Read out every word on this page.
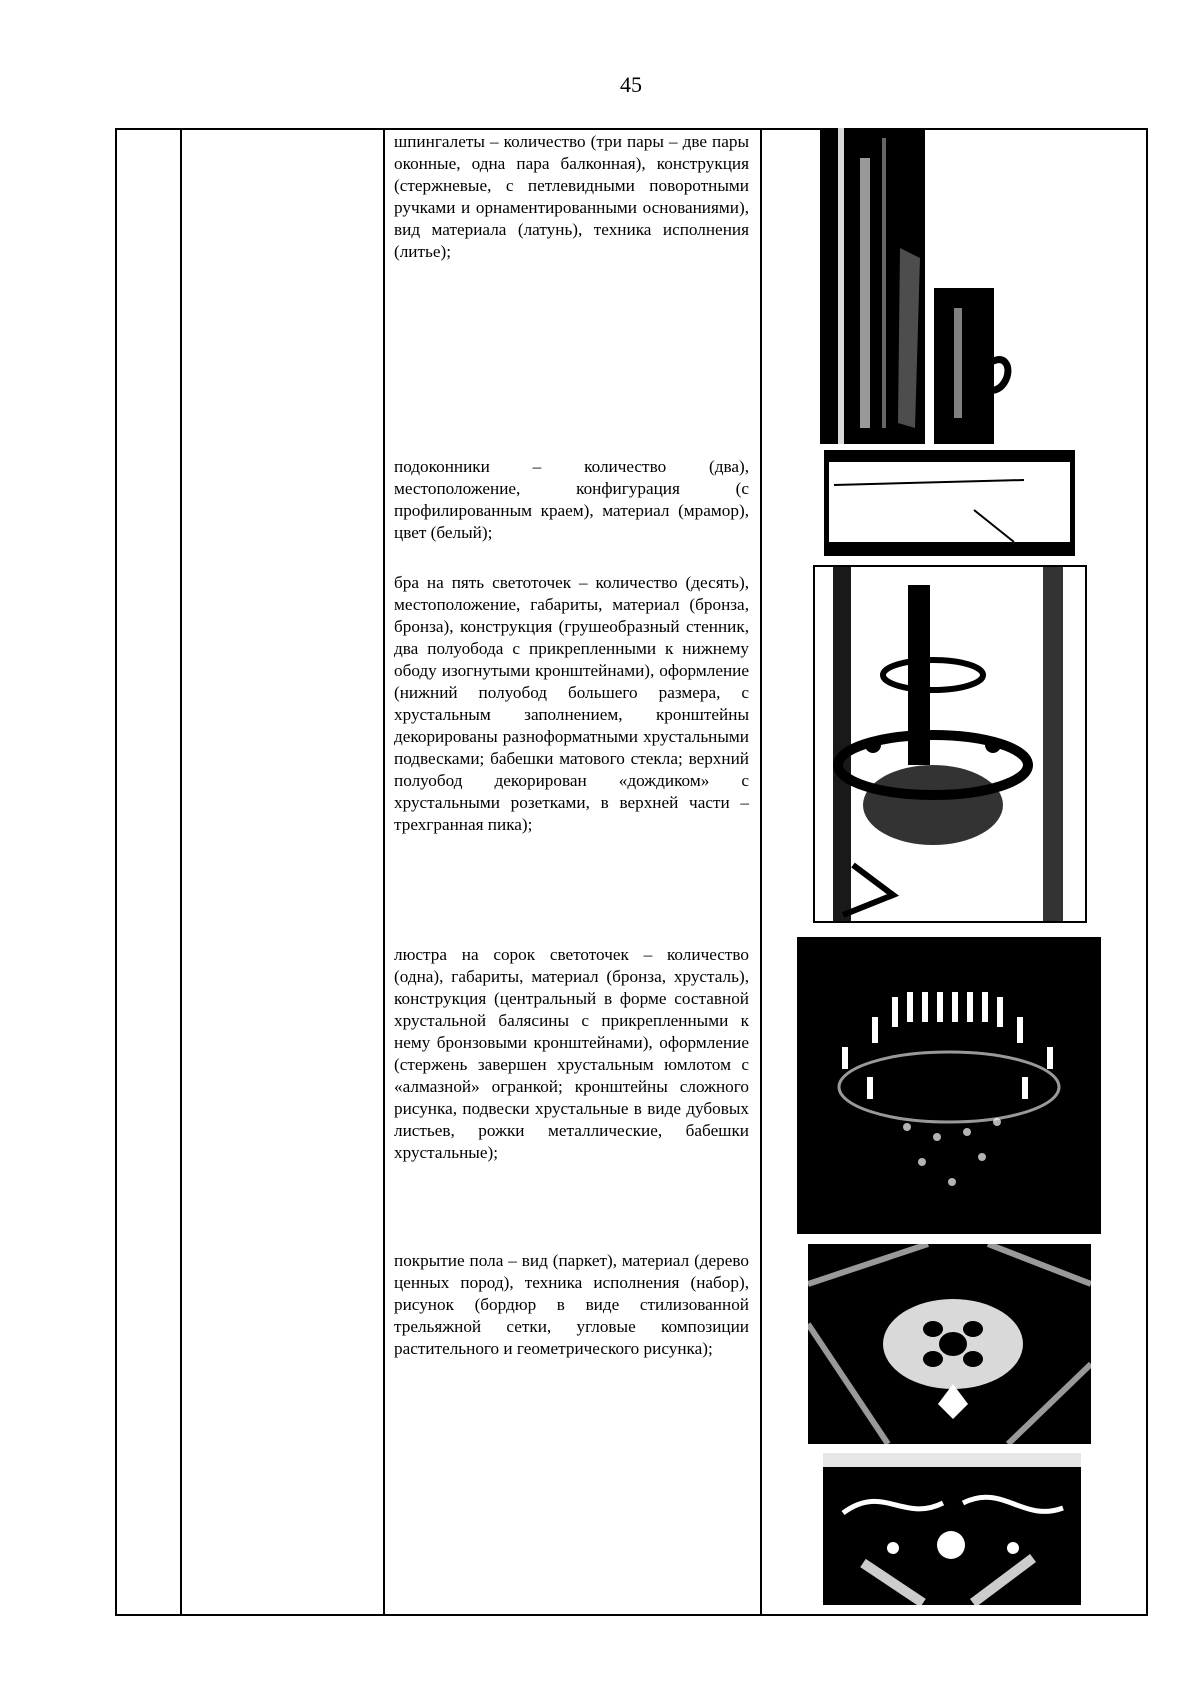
45
шпингалеты – количество (три пары – две пары оконные, одна пара балконная), конструкция (стержневые, с петлевидными поворотными ручками и орнаментированными основаниями), вид материала (латунь), техника исполнения (литье);
подоконники – количество (два), местоположение, конфигурация (с профилированным краем), материал (мрамор), цвет (белый);
бра на пять светоточек – количество (десять), местоположение, габариты, материал (бронза, бронза), конструкция (грушеобразный стенник, два полуобода с прикрепленными к нижнему ободу изогнутыми кронштейнами), оформление (нижний полуобод большего размера, с хрустальным заполнением, кронштейны декорированы разноформатными хрустальными подвесками; бабешки матового стекла; верхний полуобод декорирован «дождиком» с хрустальными розетками, в верхней части – трехгранная пика);
люстра на сорок светоточек – количество (одна), габариты, материал (бронза, хрусталь), конструкция (центральный в форме составной хрустальной балясины с прикрепленными к нему бронзовыми кронштейнами), оформление (стержень завершен хрустальным юмлотом с «алмазной» огранкой; кронштейны сложного рисунка, подвески хрустальные в виде дубовых листьев, рожки металлические, бабешки хрустальные);
покрытие пола – вид (паркет), материал (дерево ценных пород), техника исполнения (набор), рисунок (бордюр в виде стилизованной трельяжной сетки, угловые композиции растительного и геометрического рисунка);
